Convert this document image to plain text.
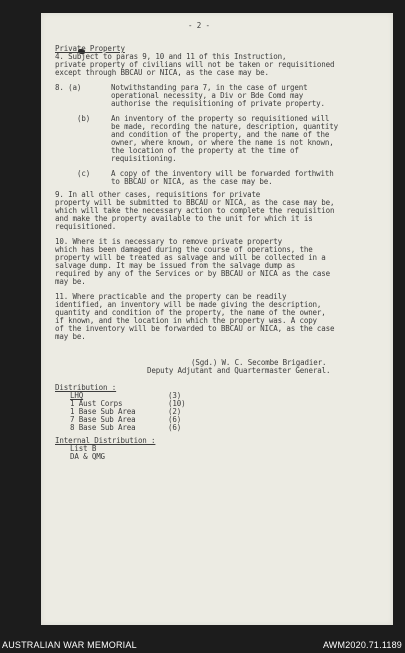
- 2 -
Private Property
4. Subject to paras 9, 10 and 11 of this Instruction,
private property of civilians will not be taken or requisitioned
except through BBCAU or NICA, as the case may be.
8. (a)	Notwithstanding para 7, in the case of urgent
operational necessity, a Div or Bde Comd may
authorise the requisitioning of private property.
(b)	An inventory of the property so requisitioned will
be made, recording the nature, description, quantity
and condition of the property, and the name of the
owner, where known, or where the name is not known,
the location of the property at the time of
requisitioning.
(c)	A copy of the inventory will be forwarded forthwith
to BBCAU or NICA, as the case may be.
9. In all other cases, requisitions for private
property will be submitted to BBCAU or NICA, as the case may be,
which will take the necessary action to complete the requisition
and make the property available to the unit for which it is
requisitioned.
10. Where it is necessary to remove private property
which has been damaged during the course of operations, the
property will be treated as salvage and will be collected in a
salvage dump. It may be issued from the salvage dump as
required by any of the Services or by BBCAU or NICA as the case
may be.
11. Where practicable and the property can be readily
identified, an inventory will be made giving the description,
quantity and condition of the property, the name of the owner,
if known, and the location in which the property was. A copy
of the inventory will be forwarded to BBCAU or NICA, as the case
may be.
(Sgd.) W. C. Secombe Brigadier.
Deputy Adjutant and Quartermaster General.
Distribution :
LHQ	(3)
1 Aust Corps	(10)
1 Base Sub Area	(2)
7 Base Sub Area	(6)
8 Base Sub Area	(6)
Internal Distribution :
List B
DA & QMG
AUSTRALIAN WAR MEMORIAL	AWM2020.71.1189
